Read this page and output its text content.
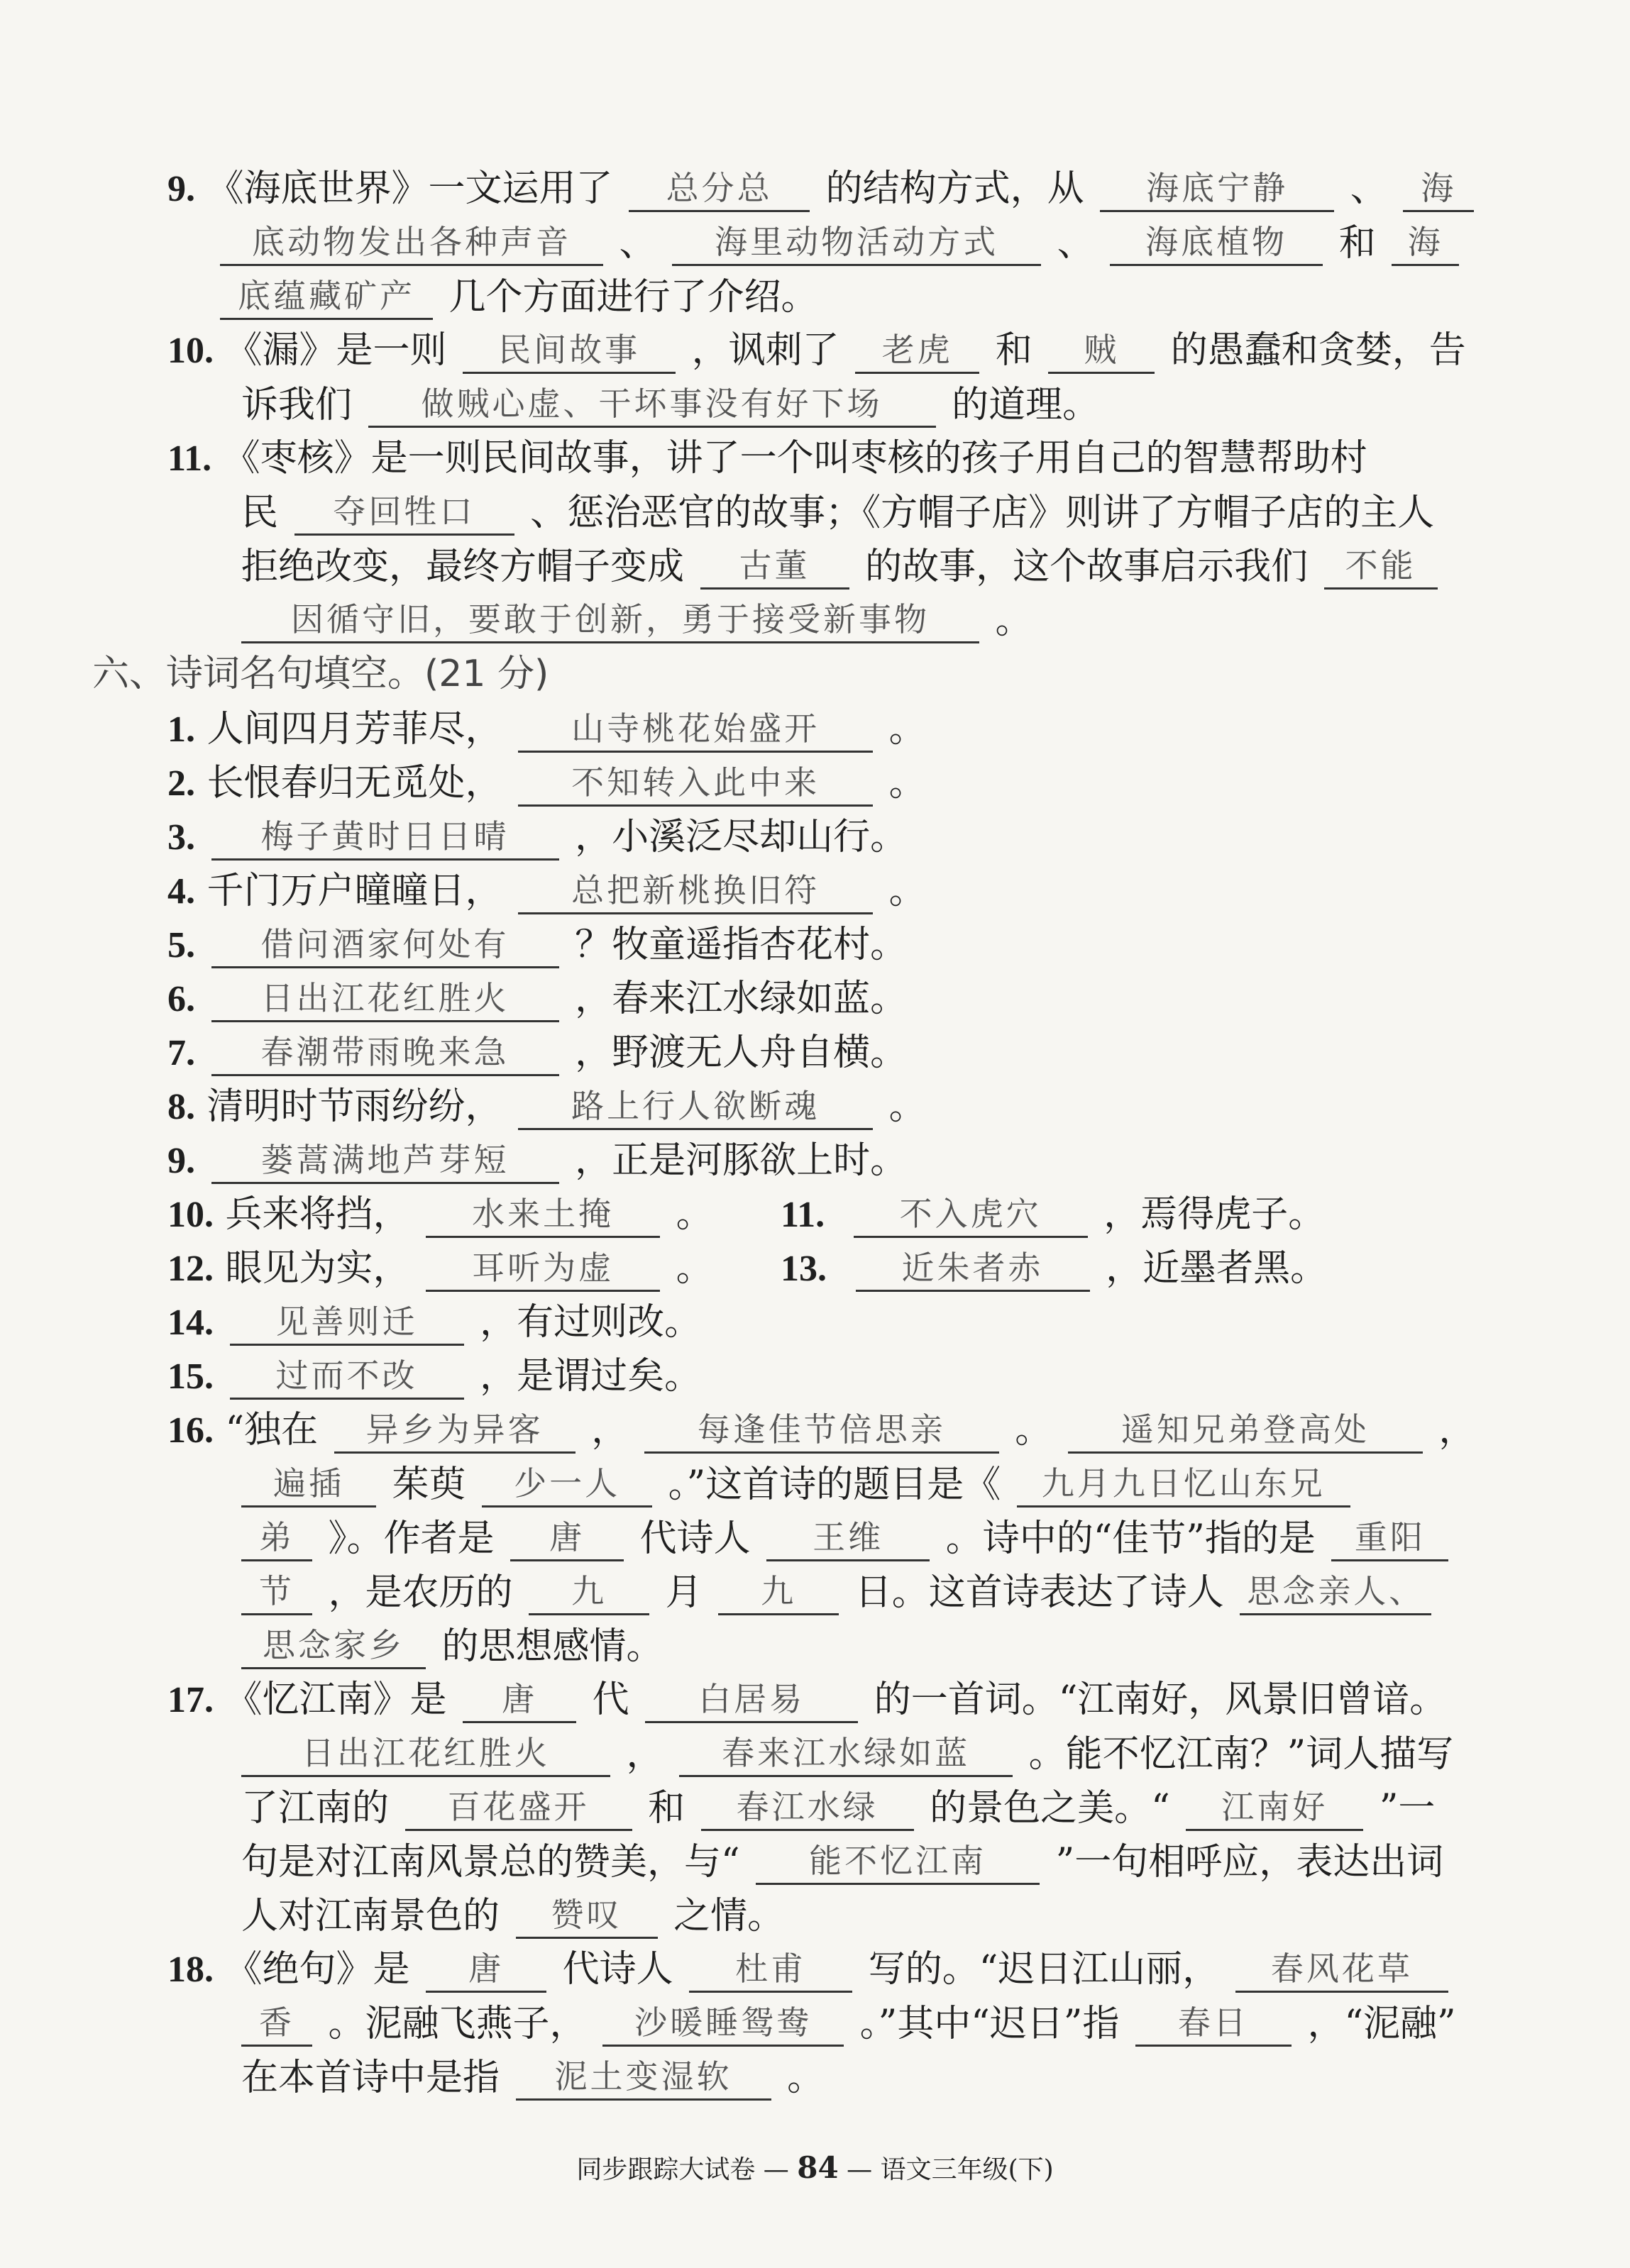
9. 《海底世界》一文运用了 总分总 的结构方式，从 海底宁静 、 海
底动物发出各种声音 、 海里动物活动方式 、 海底植物 和 海
底蕴藏矿产 几个方面进行了介绍。
10. 《漏》是一则 民间故事 ，讽刺了 老虎 和 贼 的愚蠢和贪婪，告
诉我们 做贼心虚、干坏事没有好下场 的道理。
11. 《枣核》是一则民间故事，讲了一个叫枣核的孩子用自己的智慧帮助村
民 夺回牲口 、惩治恶官的故事；《方帽子店》则讲了方帽子店的主人
拒绝改变，最终方帽子变成 古董 的故事，这个故事启示我们 不能
因循守旧，要敢于创新，勇于接受新事物 。
六、诗词名句填空。(21 分)
1. 人间四月芳菲尽， 山寺桃花始盛开 。
2. 长恨春归无觅处， 不知转入此中来 。
3. 梅子黄时日日晴 ，小溪泛尽却山行。
4. 千门万户曈曈日， 总把新桃换旧符 。
5. 借问酒家何处有 ？牧童遥指杏花村。
6. 日出江花红胜火 ，春来江水绿如蓝。
7. 春潮带雨晚来急 ，野渡无人舟自横。
8. 清明时节雨纷纷， 路上行人欲断魂 。
9. 蒌蒿满地芦芽短 ，正是河豚欲上时。
10. 兵来将挡， 水来土掩 。 11. 不入虎穴 ，焉得虎子。
12. 眼见为实， 耳听为虚 。 13. 近朱者赤 ，近墨者黑。
14. 见善则迁 ，有过则改。
15. 过而不改 ，是谓过矣。
16. “独在 异乡为异客 ， 每逢佳节倍思亲 。 遥知兄弟登高处 ，
遍插 茱萸 少一人 。”这首诗的题目是《 九月九日忆山东兄
弟 》。作者是 唐 代诗人 王维 。诗中的“佳节”指的是 重阳
节 ，是农历的 九 月 九 日。这首诗表达了诗人 思念亲人、
思念家乡 的思想感情。
17. 《忆江南》是 唐 代 白居易 的一首词。“江南好，风景旧曾谙。
日出江花红胜火 ， 春来江水绿如蓝 。能不忆江南？”词人描写
了江南的 百花盛开 和 春江水绿 的景色之美。“ 江南好 ”一
句是对江南风景总的赞美，与“ 能不忆江南 ”一句相呼应，表达出词
人对江南景色的 赞叹 之情。
18. 《绝句》是 唐 代诗人 杜甫 写的。“迟日江山丽， 春风花草
香 。泥融飞燕子， 沙暖睡鸳鸯 。”其中“迟日”指 春日 ，“泥融”
在本首诗中是指 泥土变湿软 。
同步跟踪大试卷 — 84 — 语文三年级(下)
